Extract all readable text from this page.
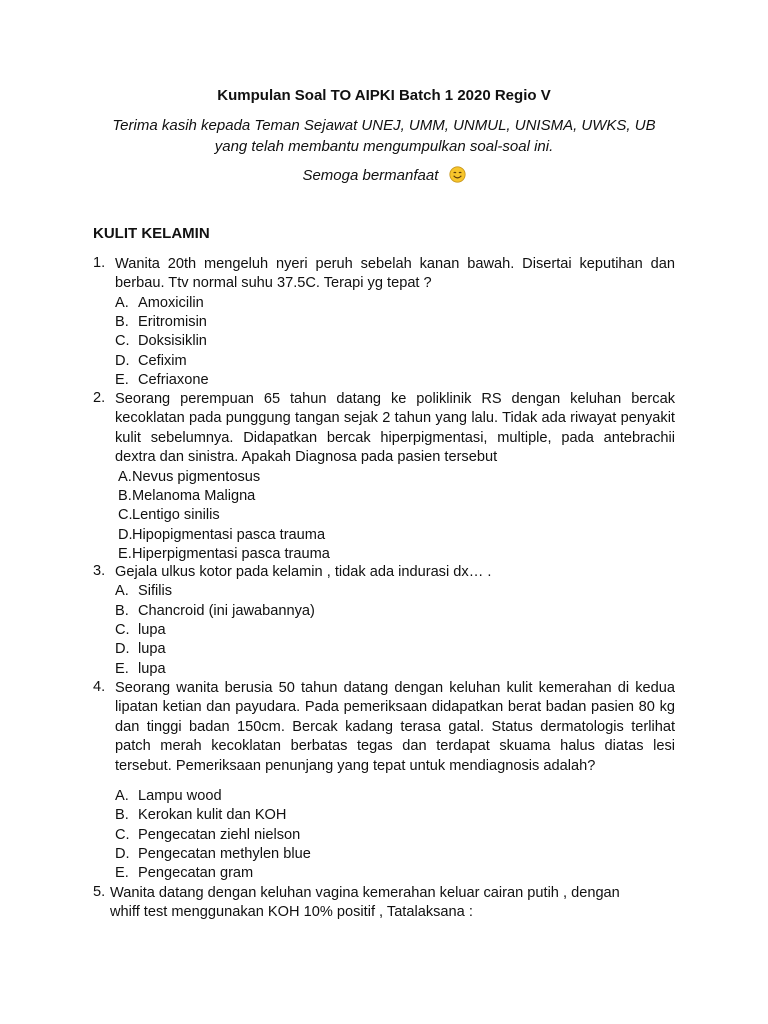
Kumpulan Soal TO AIPKI Batch 1 2020 Regio V
Terima kasih kepada Teman Sejawat UNEJ, UMM, UNMUL, UNISMA, UWKS, UB
yang telah membantu mengumpulkan soal-soal ini.
Semoga bermanfaat
KULIT KELAMIN
1. Wanita 20th mengeluh nyeri peruh sebelah kanan bawah. Disertai keputihan dan berbau. Ttv normal suhu 37.5C. Terapi yg tepat ?
A. Amoxicilin
B. Eritromisin
C. Doksisiklin
D. Cefixim
E. Cefriaxone
2. Seorang perempuan 65 tahun datang ke poliklinik RS dengan keluhan bercak kecoklatan pada punggung tangan sejak 2 tahun yang lalu. Tidak ada riwayat penyakit kulit sebelumnya. Didapatkan bercak hiperpigmentasi, multiple, pada antebrachii dextra dan sinistra. Apakah Diagnosa pada pasien tersebut
A. Nevus pigmentosus
B. Melanoma Maligna
C. Lentigo sinilis
D. Hipopigmentasi pasca trauma
E. Hiperpigmentasi pasca trauma
3. Gejala ulkus kotor pada kelamin , tidak ada indurasi dx… .
A. Sifilis
B. Chancroid (ini jawabannya)
C. lupa
D. lupa
E. lupa
4. Seorang wanita berusia 50 tahun datang dengan keluhan kulit kemerahan di kedua lipatan ketian dan payudara. Pada pemeriksaan didapatkan berat badan pasien 80 kg dan tinggi badan 150cm. Bercak kadang terasa gatal. Status dermatologis terlihat patch merah kecoklatan berbatas tegas dan terdapat skuama halus diatas lesi tersebut. Pemeriksaan penunjang yang tepat untuk mendiagnosis adalah?
A. Lampu wood
B. Kerokan kulit dan KOH
C. Pengecatan ziehl nielson
D. Pengecatan methylen blue
E. Pengecatan gram
5. Wanita datang dengan keluhan vagina kemerahan keluar cairan putih , dengan whiff test menggunakan KOH 10% positif , Tatalaksana :
